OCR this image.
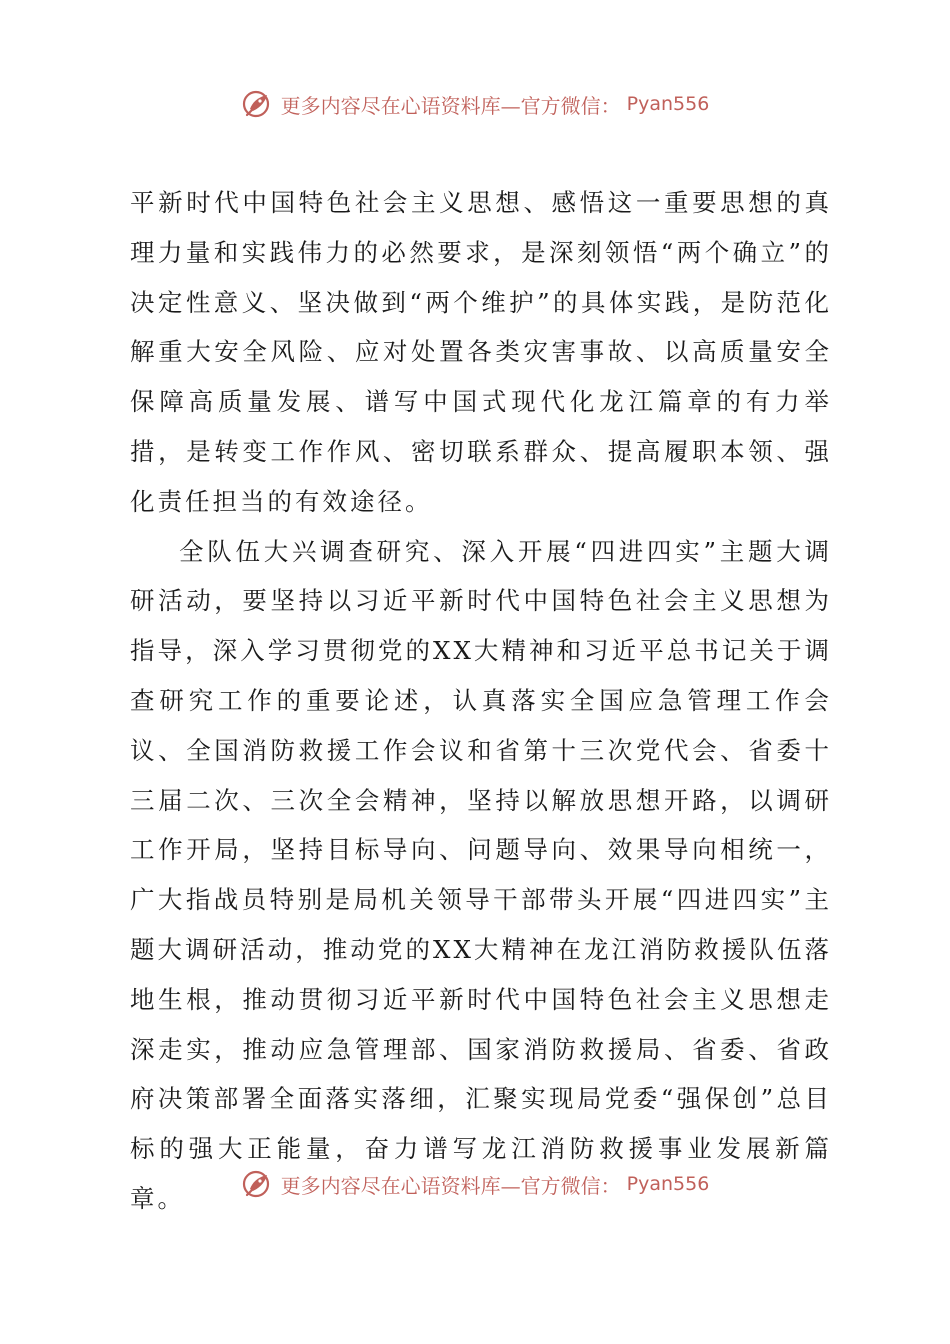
更多内容尽在心语资料库—官方微信： Pyan556

平新时代中国特色社会主义思想、感悟这一重要思想的真理力量和实践伟力的必然要求，是深刻领悟“两个确立”的决定性意义、坚决做到“两个维护”的具体实践，是防范化解重大安全风险、应对处置各类灾害事故、以高质量安全保障高质量发展、谱写中国式现代化龙江篇章的有力举措，是转变工作作风、密切联系群众、提高履职本领、强化责任担当的有效途径。

全队伍大兴调查研究、深入开展“四进四实”主题大调研活动，要坚持以习近平新时代中国特色社会主义思想为指导，深入学习贯彻党的XX大精神和习近平总书记关于调查研究工作的重要论述，认真落实全国应急管理工作会议、全国消防救援工作会议和省第十三次党代会、省委十三届二次、三次全会精神，坚持以解放思想开路，以调研工作开局，坚持目标导向、问题导向、效果导向相统一，广大指战员特别是局机关领导干部带头开展“四进四实”主题大调研活动，推动党的XX大精神在龙江消防救援队伍落地生根，推动贯彻习近平新时代中国特色社会主义思想走深走实，推动应急管理部、国家消防救援局、省委、省政府决策部署全面落实落细，汇聚实现局党委“强保创”总目标的强大正能量，奋力谱写龙江消防救援事业发展新篇章。	更多内容尽在心语资料库—官方微信： Pyan556
